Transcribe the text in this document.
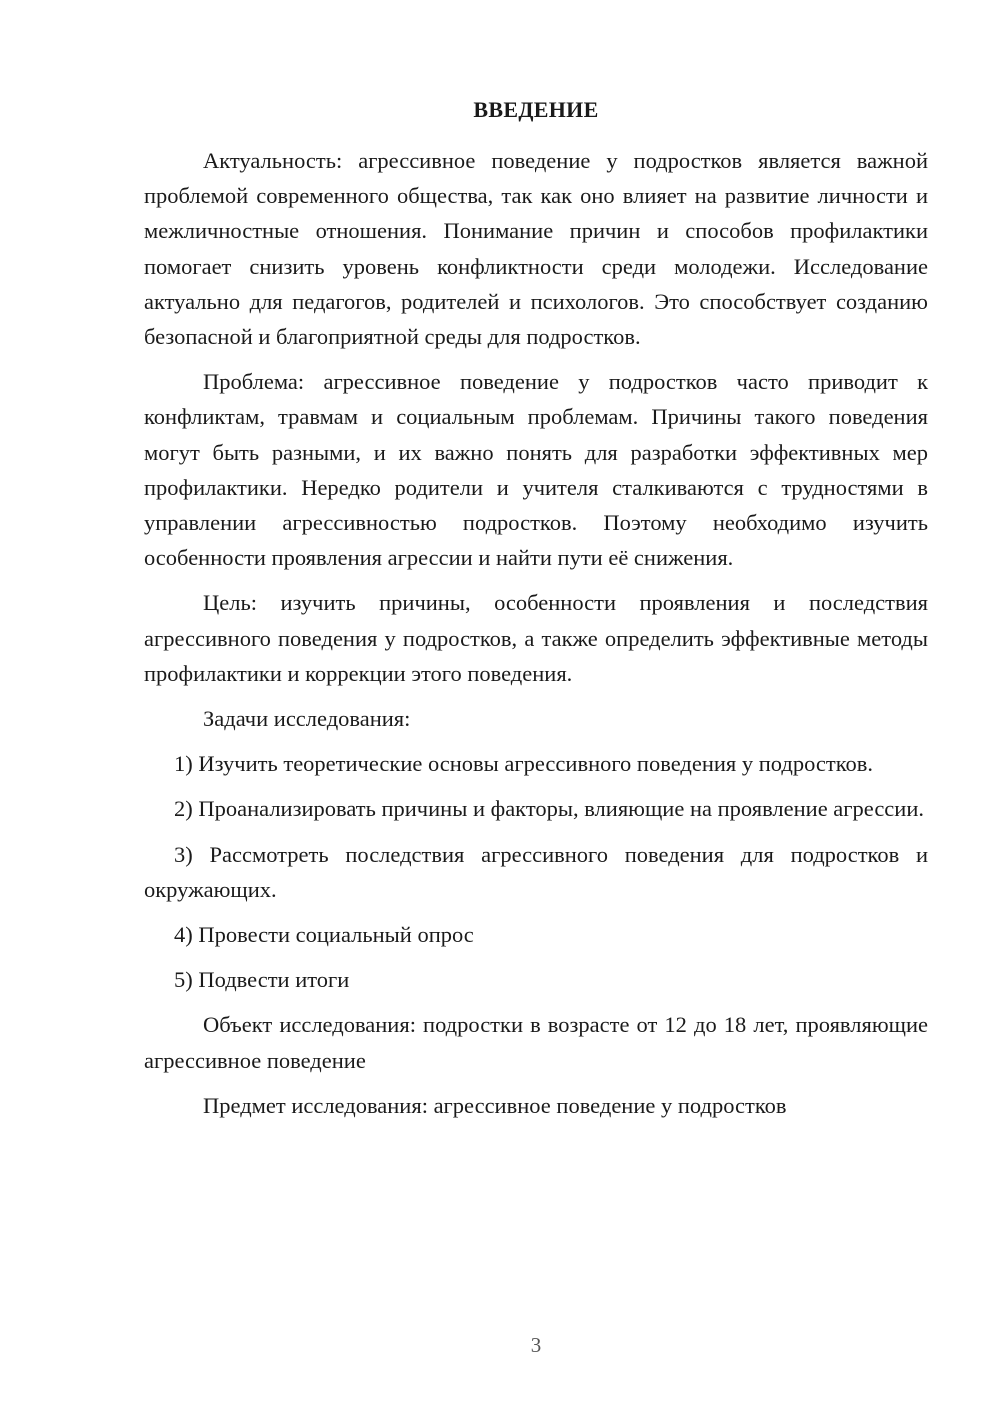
ВВЕДЕНИЕ

Актуальность: агрессивное поведение у подростков является важной проблемой современного общества, так как оно влияет на развитие личности и межличностные отношения. Понимание причин и способов профилактики помогает снизить уровень конфликтности среди молодежи. Исследование актуально для педагогов, родителей и психологов. Это способствует созданию безопасной и благоприятной среды для подростков.

Проблема: агрессивное поведение у подростков часто приводит к конфликтам, травмам и социальным проблемам. Причины такого поведения могут быть разными, и их важно понять для разработки эффективных мер профилактики. Нередко родители и учителя сталкиваются с трудностями в управлении агрессивностью подростков. Поэтому необходимо изучить особенности проявления агрессии и найти пути её снижения.

Цель: изучить причины, особенности проявления и последствия агрессивного поведения у подростков, а также определить эффективные методы профилактики и коррекции этого поведения.

Задачи исследования:

1) Изучить теоретические основы агрессивного поведения у подростков.

2) Проанализировать причины и факторы, влияющие на проявление агрессии.

3) Рассмотреть последствия агрессивного поведения для подростков и окружающих.

4) Провести социальный опрос

5) Подвести итоги

Объект исследования: подростки в возрасте от 12 до 18 лет, проявляющие агрессивное поведение

Предмет исследования: агрессивное поведение у подростков

3
